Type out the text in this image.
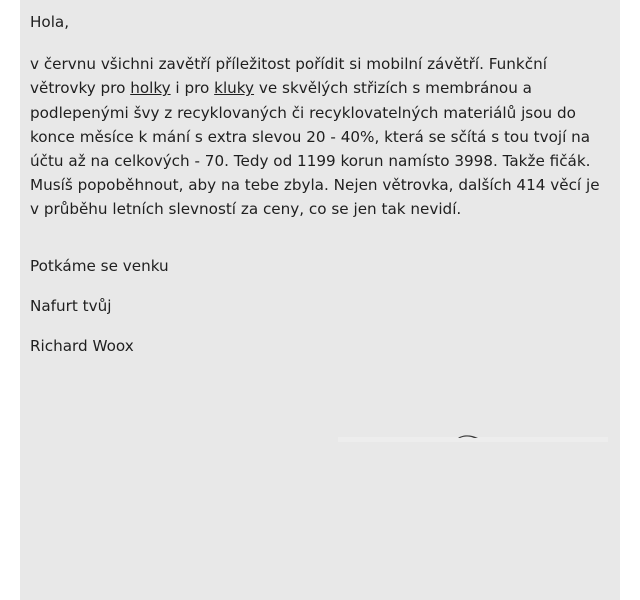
Hola,

v červnu všichni zavětří příležitost pořídit si mobilní závětří. Funkční větrovky pro holky i pro kluky ve skvělých střizích s membránou a podlepenými švy z recyklovaných či recyklovatelných materiálů jsou do konce měsíce k mání s extra slevou 20 - 40%, která se sčítá s tou tvojí na účtu až na celkových - 70. Tedy od 1199 korun namísto 3998. Takže fičák. Musíš popoběhnout, aby na tebe zbyla. Nejen větrovka, dalších 414 věcí je v průběhu letních slevností za ceny, co se jen tak nevidí.

Potkáme se venku

Nafurt tvůj

Richard Woox
